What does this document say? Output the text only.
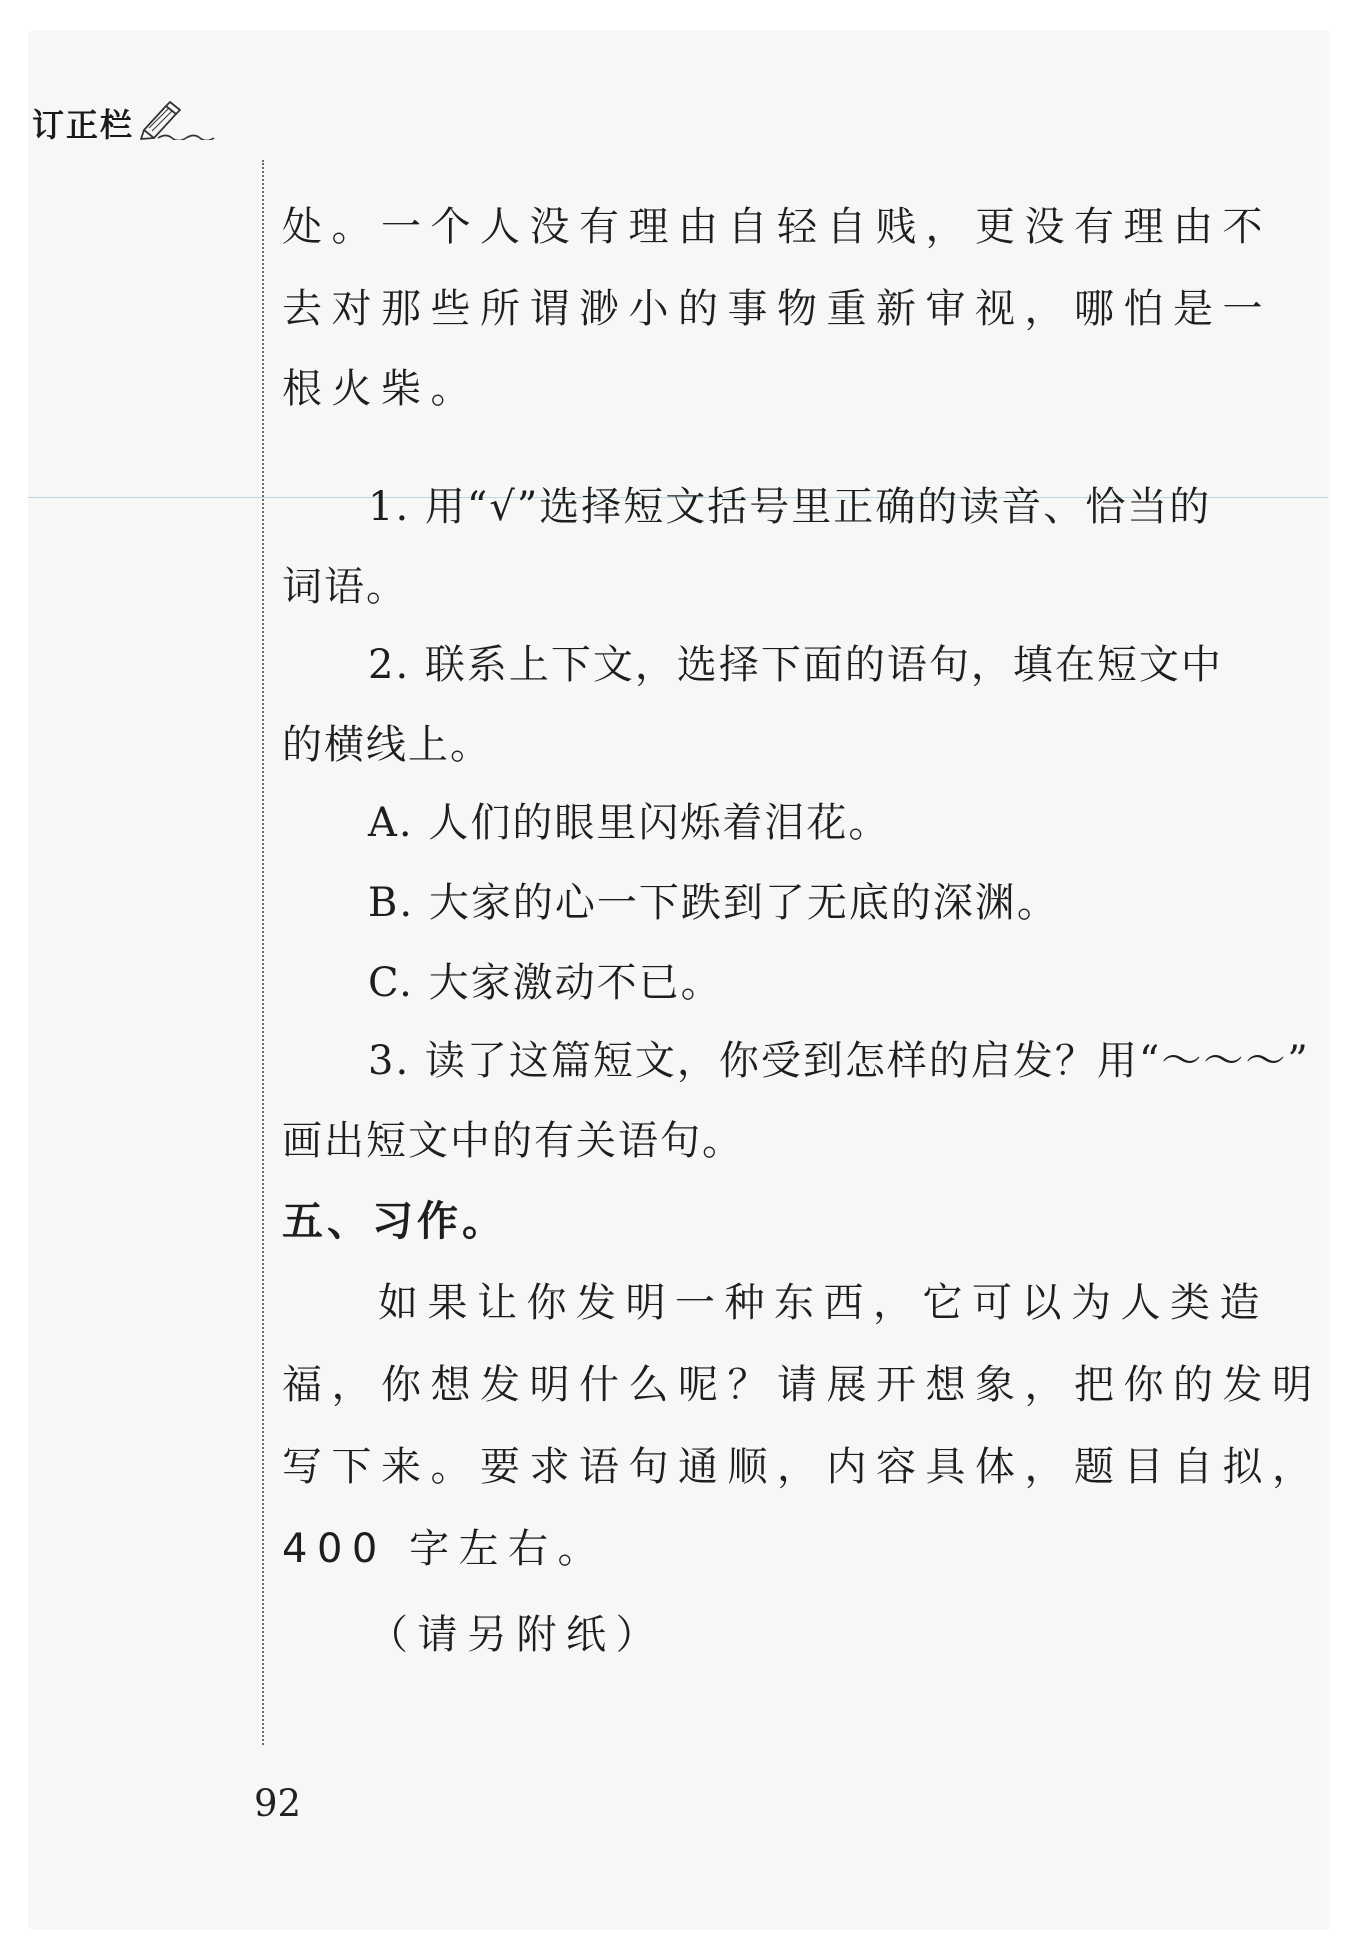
订正栏
处。一个人没有理由自轻自贱，更没有理由不
去对那些所谓渺小的事物重新审视，哪怕是一
根火柴。
1. 用“√”选择短文括号里正确的读音、恰当的
词语。
2. 联系上下文，选择下面的语句，填在短文中
的横线上。
A. 人们的眼里闪烁着泪花。
B. 大家的心一下跌到了无底的深渊。
C. 大家激动不已。
3. 读了这篇短文，你受到怎样的启发？用“～～～”
画出短文中的有关语句。
五、习作。
如果让你发明一种东西，它可以为人类造
福，你想发明什么呢？请展开想象，把你的发明
写下来。要求语句通顺，内容具体，题目自拟，
400 字左右。
（请另附纸）
92
